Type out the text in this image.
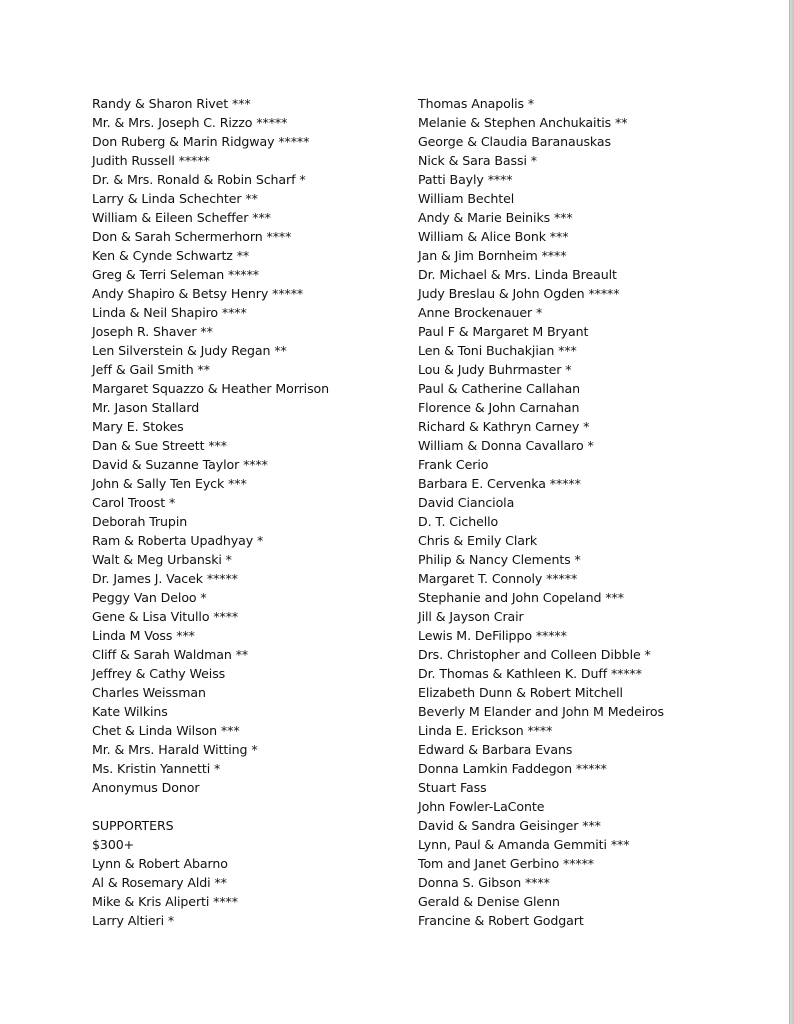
Randy & Sharon Rivet ***
Mr. & Mrs. Joseph C. Rizzo *****
Don Ruberg & Marin Ridgway *****
Judith Russell *****
Dr. & Mrs. Ronald & Robin Scharf *
Larry & Linda Schechter **
William & Eileen Scheffer ***
Don & Sarah Schermerhorn ****
Ken & Cynde Schwartz **
Greg & Terri Seleman *****
Andy Shapiro & Betsy Henry *****
Linda & Neil Shapiro ****
Joseph R. Shaver **
Len Silverstein & Judy Regan **
Jeff & Gail Smith **
Margaret Squazzo & Heather Morrison
Mr. Jason Stallard
Mary E. Stokes
Dan & Sue Streett ***
David & Suzanne Taylor ****
John & Sally Ten Eyck ***
Carol Troost *
Deborah Trupin
Ram & Roberta Upadhyay *
Walt & Meg Urbanski *
Dr. James J. Vacek *****
Peggy Van Deloo *
Gene & Lisa Vitullo ****
Linda M Voss ***
Cliff & Sarah Waldman **
Jeffrey & Cathy Weiss
Charles Weissman
Kate Wilkins
Chet & Linda Wilson ***
Mr. & Mrs. Harald Witting *
Ms. Kristin Yannetti *
Anonymus Donor
SUPPORTERS
$300+
Lynn & Robert Abarno
Al & Rosemary Aldi **
Mike & Kris Aliperti ****
Larry Altieri *
Thomas Anapolis *
Melanie & Stephen Anchukaitis **
George & Claudia Baranauskas
Nick & Sara Bassi *
Patti Bayly ****
William Bechtel
Andy & Marie Beiniks ***
William & Alice Bonk ***
Jan & Jim Bornheim ****
Dr. Michael & Mrs. Linda Breault
Judy Breslau & John Ogden *****
Anne Brockenauer *
Paul F & Margaret M Bryant
Len & Toni Buchakjian ***
Lou & Judy Buhrmaster *
Paul & Catherine Callahan
Florence & John Carnahan
Richard & Kathryn Carney *
William & Donna Cavallaro *
Frank Cerio
Barbara E. Cervenka *****
David Cianciola
D. T. Cichello
Chris & Emily Clark
Philip & Nancy Clements *
Margaret T. Connoly *****
Stephanie and John Copeland ***
Jill & Jayson Crair
Lewis M. DeFilippo *****
Drs. Christopher and Colleen Dibble *
Dr. Thomas & Kathleen K. Duff *****
Elizabeth Dunn & Robert Mitchell
Beverly M Elander and John M Medeiros
Linda E. Erickson ****
Edward & Barbara Evans
Donna Lamkin Faddegon *****
Stuart Fass
John Fowler-LaConte
David & Sandra Geisinger ***
Lynn, Paul & Amanda Gemmiti ***
Tom and Janet Gerbino *****
Donna S. Gibson ****
Gerald & Denise Glenn
Francine & Robert Godgart
